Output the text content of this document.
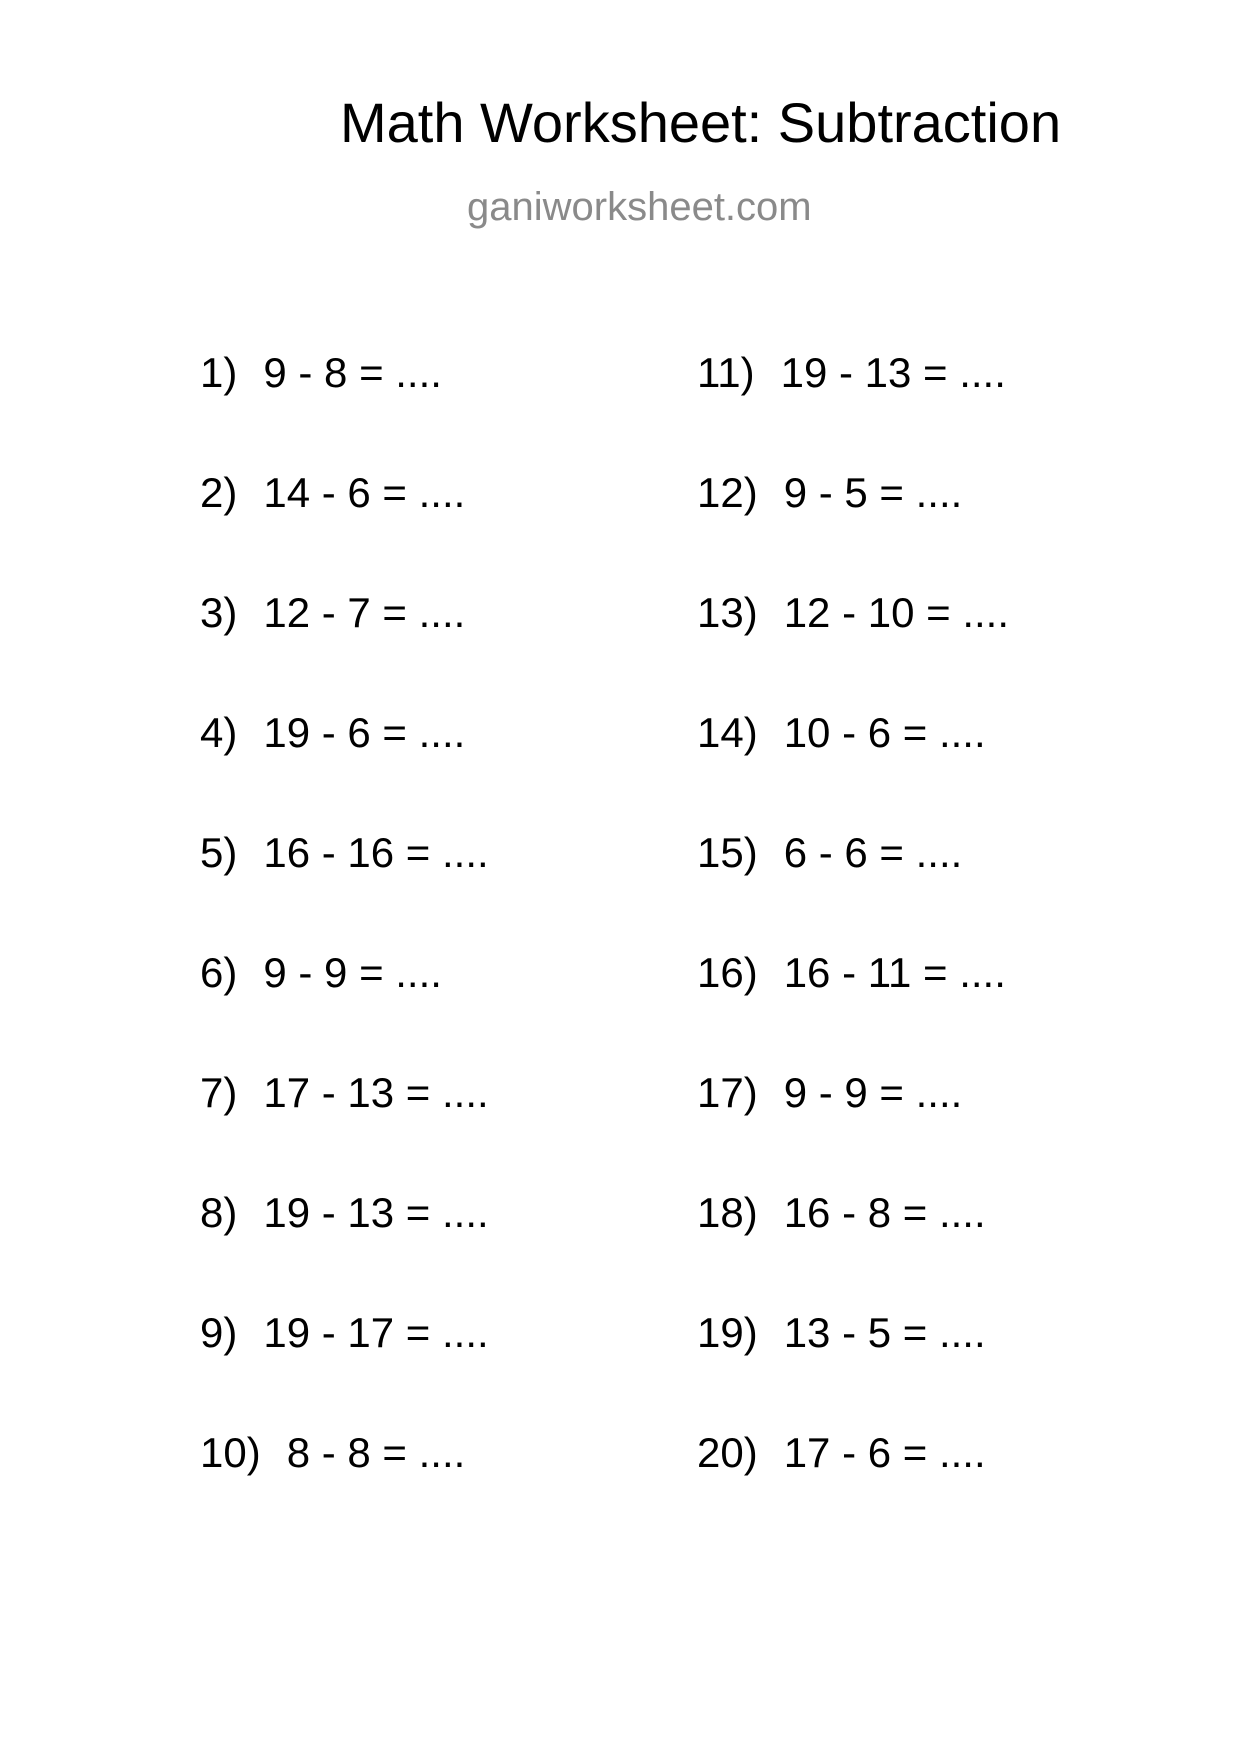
Math Worksheet: Subtraction
ganiworksheet.com
1) 9 - 8 = ....
2) 14 - 6 = ....
3) 12 - 7 = ....
4) 19 - 6 = ....
5) 16 - 16 = ....
6) 9 - 9 = ....
7) 17 - 13 = ....
8) 19 - 13 = ....
9) 19 - 17 = ....
10) 8 - 8 = ....
11) 19 - 13 = ....
12) 9 - 5 = ....
13) 12 - 10 = ....
14) 10 - 6 = ....
15) 6 - 6 = ....
16) 16 - 11 = ....
17) 9 - 9 = ....
18) 16 - 8 = ....
19) 13 - 5 = ....
20) 17 - 6 = ....
